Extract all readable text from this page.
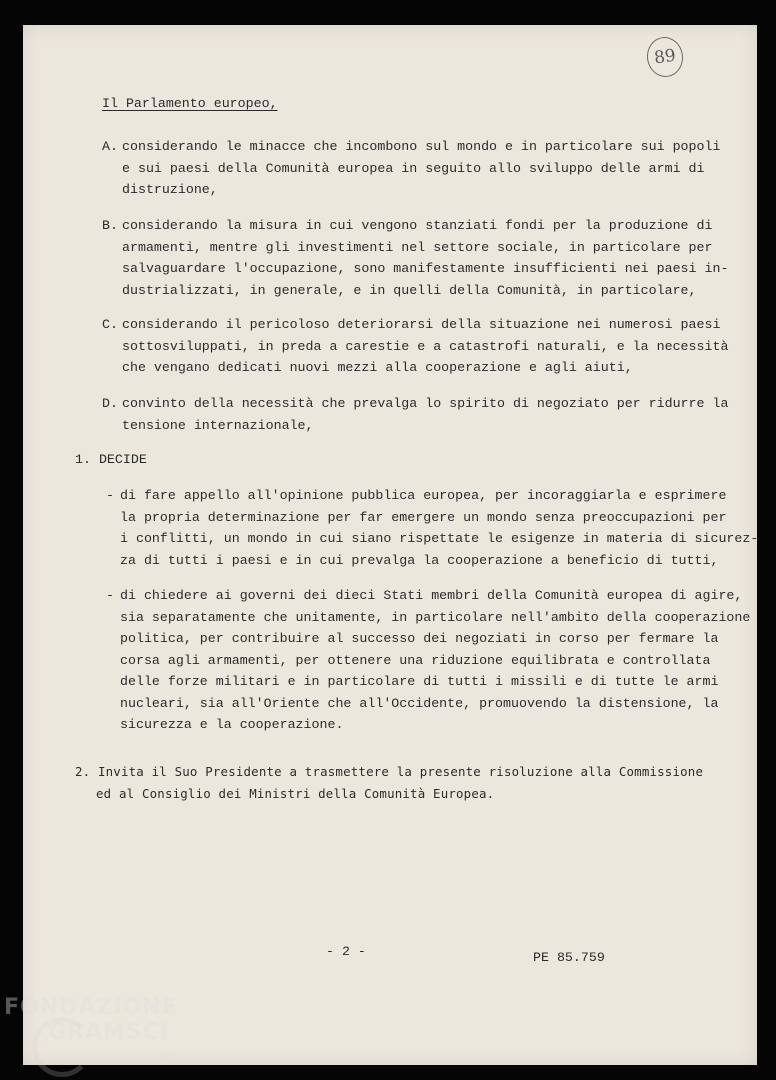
89
Il Parlamento europeo,
A. considerando le minacce che incombono sul mondo e in particolare sui popoli
e sui paesi della Comunità europea in seguito allo sviluppo delle armi di
distruzione,
B. considerando la misura in cui vengono stanziati fondi per la produzione di
armamenti, mentre gli investimenti nel settore sociale, in particolare per
salvaguardare l'occupazione, sono manifestamente insufficienti nei paesi in-
dustrializzati, in generale, e in quelli della Comunità, in particolare,
C. considerando il pericoloso deteriorarsi della situazione nei numerosi paesi
sottosviluppati, in preda a carestie e a catastrofi naturali, e la necessità
che vengano dedicati nuovi mezzi alla cooperazione e agli aiuti,
D. convinto della necessità che prevalga lo spirito di negoziato per ridurre la
tensione internazionale,
1. DECIDE
- di fare appello all'opinione pubblica europea, per incoraggiarla e esprimere
la propria determinazione per far emergere un mondo senza preoccupazioni per
i conflitti, un mondo in cui siano rispettate le esigenze in materia di sicurez-
za di tutti i paesi e in cui prevalga la cooperazione a beneficio di tutti,
- di chiedere ai governi dei dieci Stati membri della Comunità europea di agire,
sia separatamente che unitamente, in particolare nell'ambito della cooperazione
politica, per contribuire al successo dei negoziati in corso per fermare la
corsa agli armamenti, per ottenere una riduzione equilibrata e controllata
delle forze militari e in particolare di tutti i missili e di tutte le armi
nucleari, sia all'Oriente che all'Occidente, promuovendo la distensione, la
sicurezza e la cooperazione.
2. Invita il Suo Presidente a trasmettere la presente risoluzione alla Commissione
ed al Consiglio dei Ministri della Comunità Europea.
- 2 -	PE 85.759
FONDAZIONE
GRAMSCI
onlus
